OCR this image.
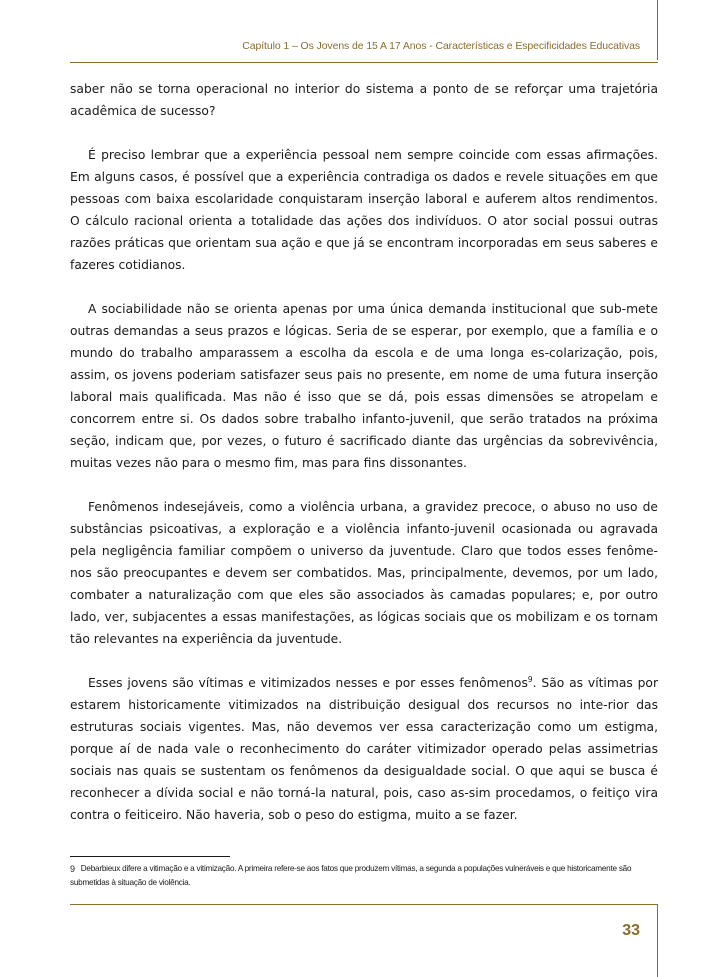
Capítulo 1 – Os Jovens de 15 A 17 Anos - Características e Especificidades Educativas

saber não se torna operacional no interior do sistema a ponto de se reforçar uma trajetória acadêmica de sucesso?

É preciso lembrar que a experiência pessoal nem sempre coincide com essas afirmações. Em alguns casos, é possível que a experiência contradiga os dados e revele situações em que pessoas com baixa escolaridade conquistaram inserção laboral e auferem altos rendimentos. O cálculo racional orienta a totalidade das ações dos indivíduos. O ator social possui outras razões práticas que orientam sua ação e que já se encontram incorporadas em seus saberes e fazeres cotidianos.

A sociabilidade não se orienta apenas por uma única demanda institucional que sub-mete outras demandas a seus prazos e lógicas. Seria de se esperar, por exemplo, que a família e o mundo do trabalho amparassem a escolha da escola e de uma longa es-colarização, pois, assim, os jovens poderiam satisfazer seus pais no presente, em nome de uma futura inserção laboral mais qualificada. Mas não é isso que se dá, pois essas dimensões se atropelam e concorrem entre si. Os dados sobre trabalho infanto-juvenil, que serão tratados na próxima seção, indicam que, por vezes, o futuro é sacrificado diante das urgências da sobrevivência, muitas vezes não para o mesmo fim, mas para fins dissonantes.

Fenômenos indesejáveis, como a violência urbana, a gravidez precoce, o abuso no uso de substâncias psicoativas, a exploração e a violência infanto-juvenil ocasionada ou agravada pela negligência familiar compõem o universo da juventude. Claro que todos esses fenôme-nos são preocupantes e devem ser combatidos. Mas, principalmente, devemos, por um lado, combater a naturalização com que eles são associados às camadas populares; e, por outro lado, ver, subjacentes a essas manifestações, as lógicas sociais que os mobilizam e os tornam tão relevantes na experiência da juventude.

Esses jovens são vítimas e vitimizados nesses e por esses fenômenos$^9$. São as vítimas por estarem historicamente vitimizados na distribuição desigual dos recursos no inte-rior das estruturas sociais vigentes. Mas, não devemos ver essa caracterização como um estigma, porque aí de nada vale o reconhecimento do caráter vitimizador operado pelas assimetrias sociais nas quais se sustentam os fenômenos da desigualdade social. O que aqui se busca é reconhecer a dívida social e não torná-la natural, pois, caso as-sim procedamos, o feitiço vira contra o feiticeiro. Não haveria, sob o peso do estigma, muito a se fazer.

9 Debarbieux difere a vitimação e a vitimização. A primeira refere-se aos fatos que produzem vítimas, a segunda a populações vulneráveis e que historicamente são submetidas à situação de violência.
33
